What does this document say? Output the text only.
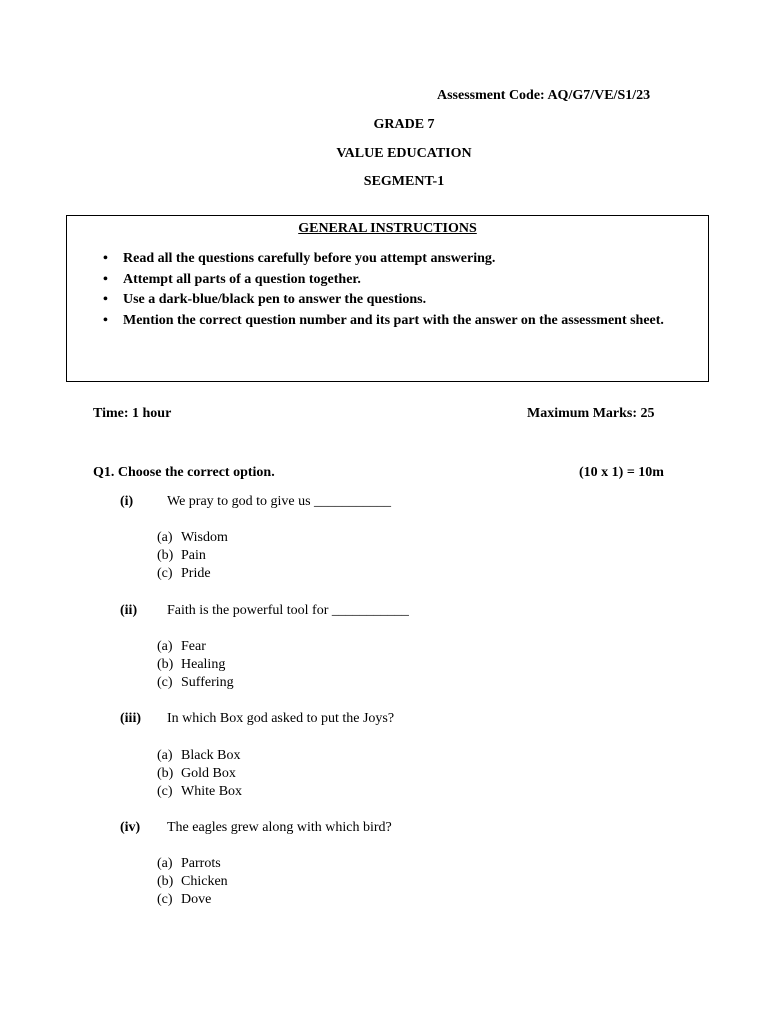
Assessment Code: AQ/G7/VE/S1/23
GRADE 7
VALUE EDUCATION
SEGMENT-1
GENERAL INSTRUCTIONS
• Read all the questions carefully before you attempt answering.
• Attempt all parts of a question together.
• Use a dark-blue/black pen to answer the questions.
• Mention the correct question number and its part with the answer on the assessment sheet.
Time: 1 hour	Maximum Marks: 25
Q1. Choose the correct option.	(10 x 1) = 10m
(i) We pray to god to give us ___________
(a) Wisdom
(b) Pain
(c) Pride
(ii) Faith is the powerful tool for ___________
(a) Fear
(b) Healing
(c) Suffering
(iii) In which Box god asked to put the Joys?
(a) Black Box
(b) Gold Box
(c) White Box
(iv) The eagles grew along with which bird?
(a) Parrots
(b) Chicken
(c) Dove
